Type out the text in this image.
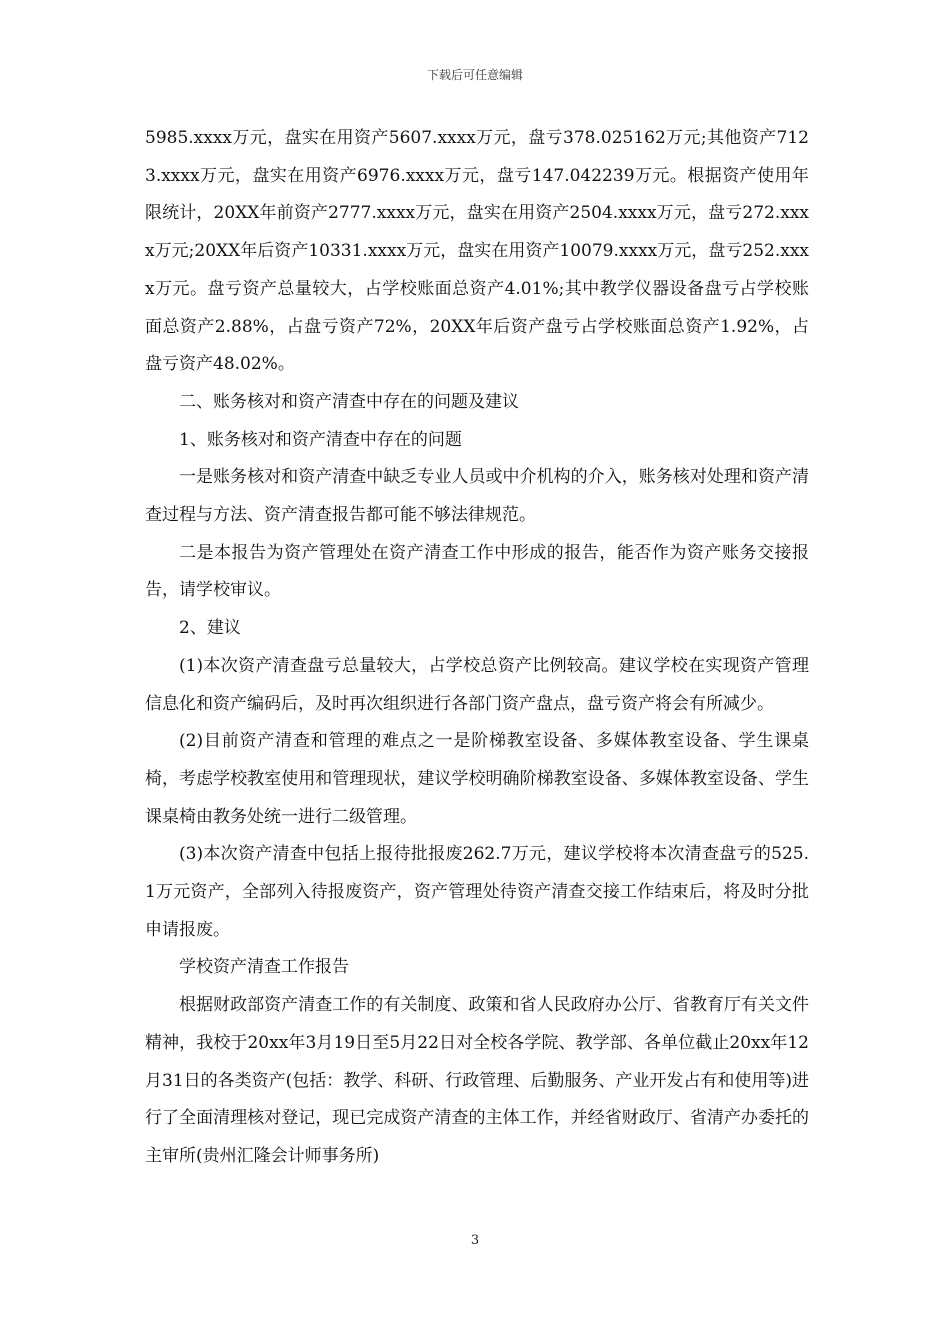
下载后可任意编辑

5985.xxxx万元，盘实在用资产5607.xxxx万元，盘亏378.025162万元;其他资产7123.xxxx万元，盘实在用资产6976.xxxx万元，盘亏147.042239万元。根据资产使用年限统计，20XX年前资产2777.xxxx万元，盘实在用资产2504.xxxx万元，盘亏272.xxxx万元;20XX年后资产10331.xxxx万元，盘实在用资产10079.xxxx万元，盘亏252.xxxx万元。盘亏资产总量较大，占学校账面总资产4.01%;其中教学仪器设备盘亏占学校账面总资产2.88%，占盘亏资产72%，20XX年后资产盘亏占学校账面总资产1.92%，占盘亏资产48.02%。

二、账务核对和资产清查中存在的问题及建议

1、账务核对和资产清查中存在的问题

一是账务核对和资产清查中缺乏专业人员或中介机构的介入，账务核对处理和资产清查过程与方法、资产清查报告都可能不够法律规范。

二是本报告为资产管理处在资产清查工作中形成的报告，能否作为资产账务交接报告，请学校审议。

2、建议

(1)本次资产清查盘亏总量较大，占学校总资产比例较高。建议学校在实现资产管理信息化和资产编码后，及时再次组织进行各部门资产盘点，盘亏资产将会有所减少。

(2)目前资产清查和管理的难点之一是阶梯教室设备、多媒体教室设备、学生课桌椅，考虑学校教室使用和管理现状，建议学校明确阶梯教室设备、多媒体教室设备、学生课桌椅由教务处统一进行二级管理。

(3)本次资产清查中包括上报待批报废262.7万元，建议学校将本次清查盘亏的525.1万元资产，全部列入待报废资产，资产管理处待资产清查交接工作结束后，将及时分批申请报废。

学校资产清查工作报告

根据财政部资产清查工作的有关制度、政策和省人民政府办公厅、省教育厅有关文件精神，我校于20xx年3月19日至5月22日对全校各学院、教学部、各单位截止20xx年12月31日的各类资产(包括：教学、科研、行政管理、后勤服务、产业开发占有和使用等)进行了全面清理核对登记，现已完成资产清查的主体工作，并经省财政厅、省清产办委托的主审所(贵州汇隆会计师事务所)

3
